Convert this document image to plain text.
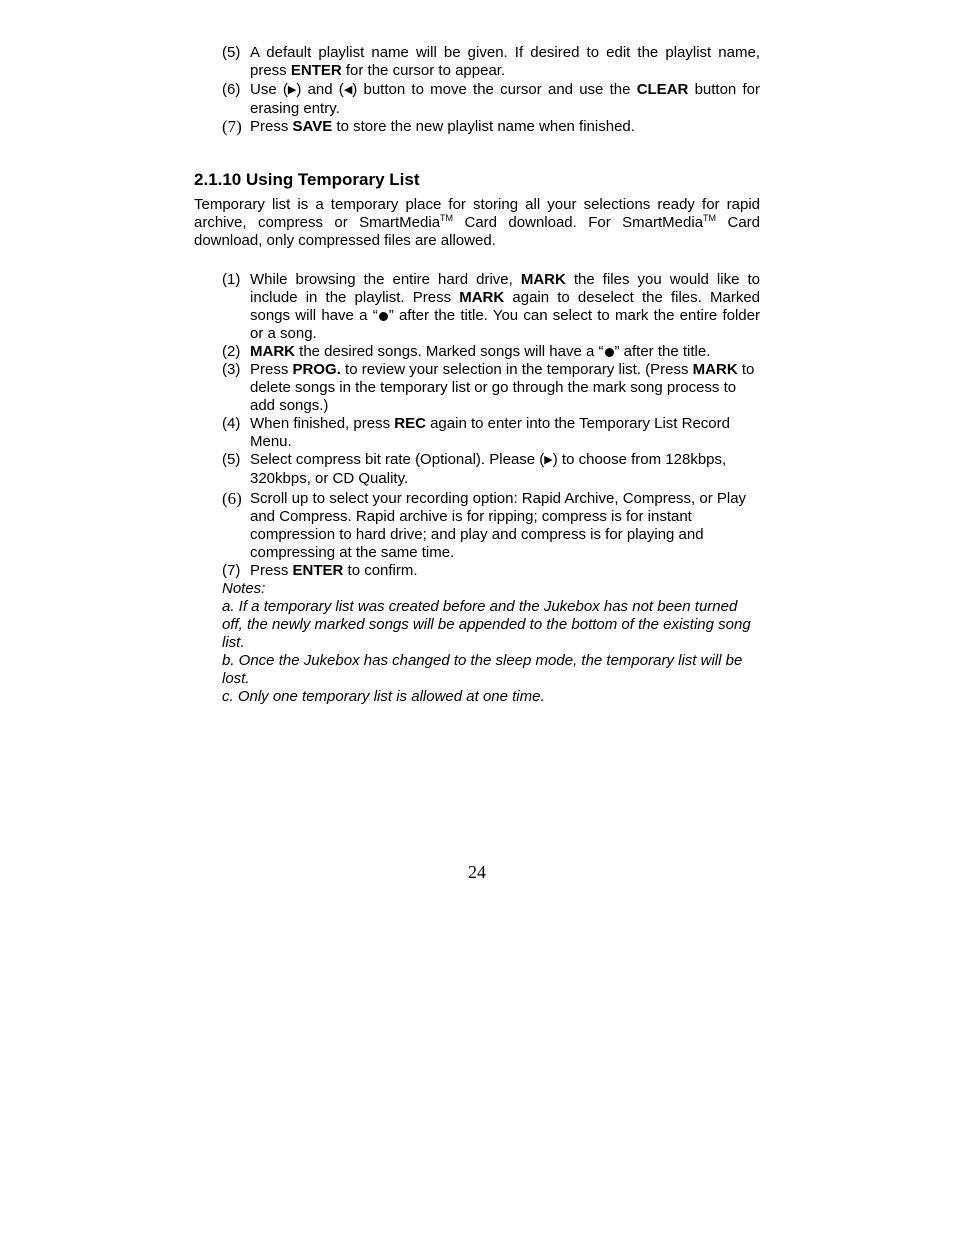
(5) A default playlist name will be given. If desired to edit the playlist name, press ENTER for the cursor to appear.
(6) Use (▶) and (◀) button to move the cursor and use the CLEAR button for erasing entry.
(7) Press SAVE to store the new playlist name when finished.
2.1.10 Using Temporary List
Temporary list is a temporary place for storing all your selections ready for rapid archive, compress or SmartMedia™ Card download. For SmartMedia™ Card download, only compressed files are allowed.
(1) While browsing the entire hard drive, MARK the files you would like to include in the playlist. Press MARK again to deselect the files. Marked songs will have a “ ” after the title. You can select to mark the entire folder or a song.
(2) MARK the desired songs. Marked songs will have a “ ” after the title.
(3) Press PROG. to review your selection in the temporary list. (Press MARK to delete songs in the temporary list or go through the mark song process to add songs.)
(4) When finished, press REC again to enter into the Temporary List Record Menu.
(5) Select compress bit rate (Optional). Please (▶) to choose from 128kbps, 320kbps, or CD Quality.
(6) Scroll up to select your recording option: Rapid Archive, Compress, or Play and Compress. Rapid archive is for ripping; compress is for instant compression to hard drive; and play and compress is for playing and compressing at the same time.
(7) Press ENTER to confirm.
Notes:
a. If a temporary list was created before and the Jukebox has not been turned off, the newly marked songs will be appended to the bottom of the existing song list.
b. Once the Jukebox has changed to the sleep mode, the temporary list will be lost.
c. Only one temporary list is allowed at one time.
24
